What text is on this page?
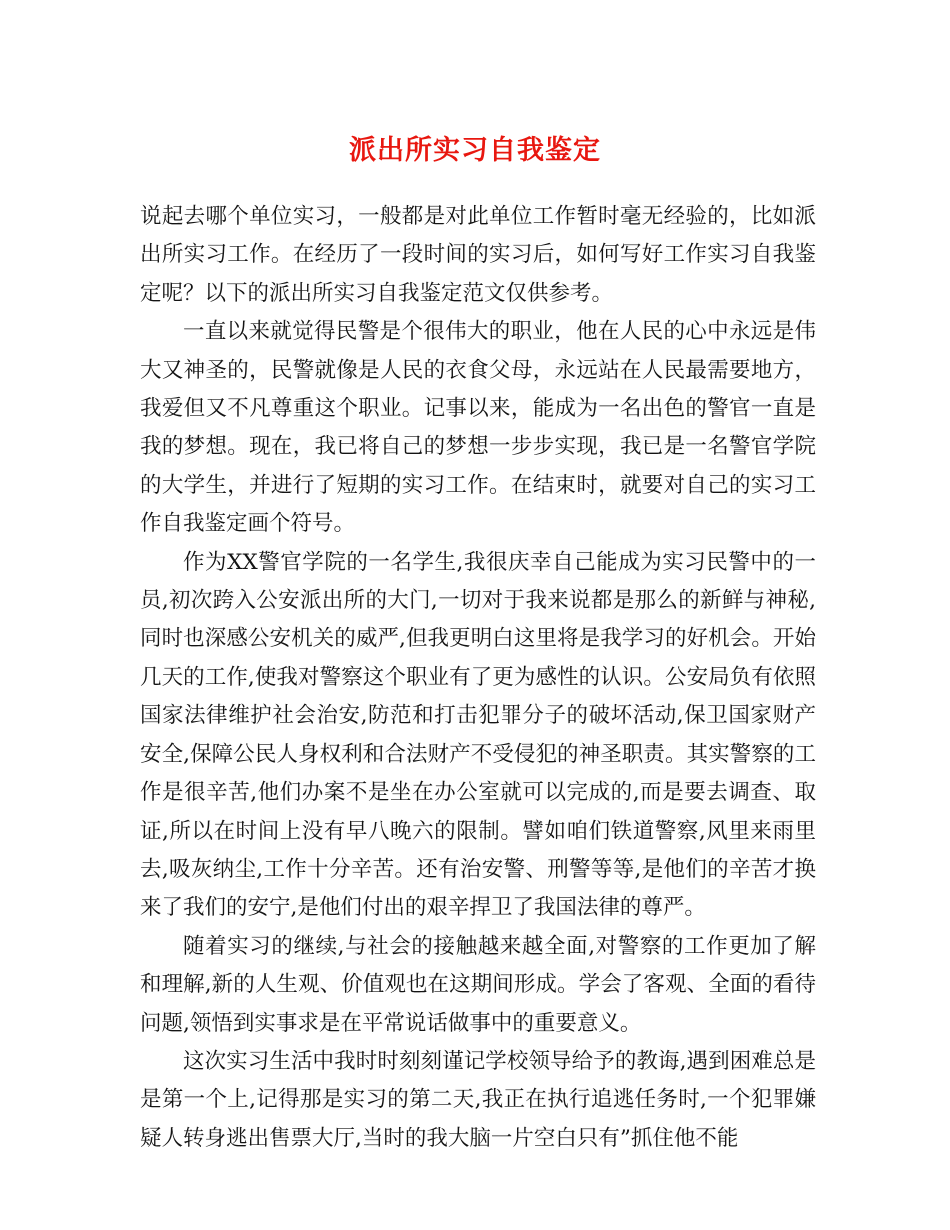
派出所实习自我鉴定

说起去哪个单位实习，一般都是对此单位工作暂时毫无经验的，比如派出所实习工作。在经历了一段时间的实习后，如何写好工作实习自我鉴定呢？以下的派出所实习自我鉴定范文仅供参考。

一直以来就觉得民警是个很伟大的职业，他在人民的心中永远是伟大又神圣的，民警就像是人民的衣食父母，永远站在人民最需要地方，我爱但又不凡尊重这个职业。记事以来，能成为一名出色的警官一直是我的梦想。现在，我已将自己的梦想一步步实现，我已是一名警官学院的大学生，并进行了短期的实习工作。在结束时，就要对自己的实习工作自我鉴定画个符号。

作为XX警官学院的一名学生,我很庆幸自己能成为实习民警中的一员,初次跨入公安派出所的大门,一切对于我来说都是那么的新鲜与神秘,同时也深感公安机关的威严,但我更明白这里将是我学习的好机会。开始几天的工作,使我对警察这个职业有了更为感性的认识。公安局负有依照国家法律维护社会治安,防范和打击犯罪分子的破坏活动,保卫国家财产安全,保障公民人身权利和合法财产不受侵犯的神圣职责。其实警察的工作是很辛苦,他们办案不是坐在办公室就可以完成的,而是要去调查、取证,所以在时间上没有早八晚六的限制。譬如咱们铁道警察,风里来雨里去,吸灰纳尘,工作十分辛苦。还有治安警、刑警等等,是他们的辛苦才换来了我们的安宁,是他们付出的艰辛捍卫了我国法律的尊严。

随着实习的继续,与社会的接触越来越全面,对警察的工作更加了解和理解,新的人生观、价值观也在这期间形成。学会了客观、全面的看待问题,领悟到实事求是在平常说话做事中的重要意义。

这次实习生活中我时时刻刻谨记学校领导给予的教诲,遇到困难总是是第一个上,记得那是实习的第二天,我正在执行追逃任务时,一个犯罪嫌疑人转身逃出售票大厅,当时的我大脑一片空白只有”抓住他不能
